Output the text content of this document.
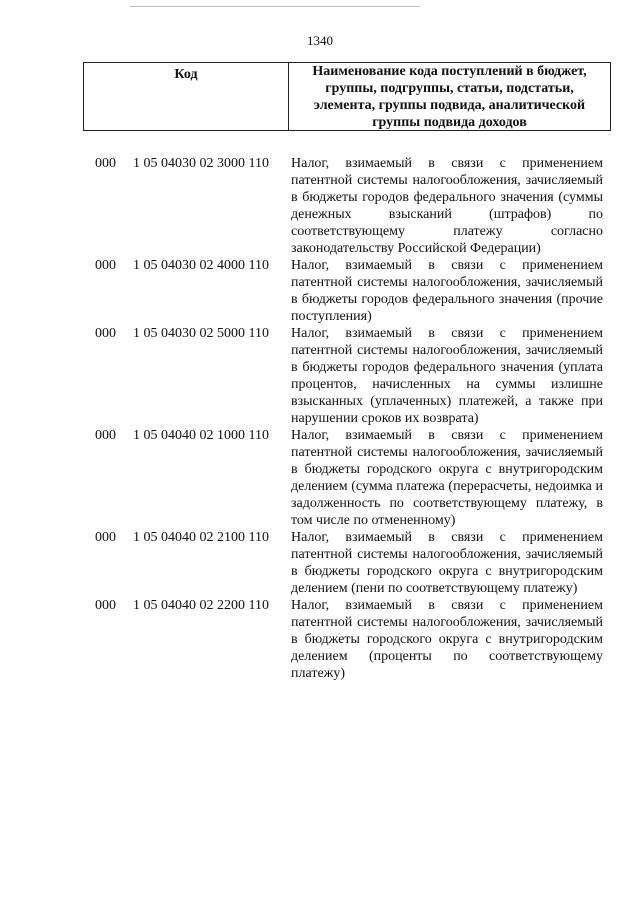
1340
Код	Наименование кода поступлений в бюджет, группы, подгруппы, статьи, подстатьи, элемента, группы подвида, аналитической группы подвида доходов
000 1 05 04030 02 3000 110 Налог, взимаемый в связи с применением патентной системы налогообложения, зачисляемый в бюджеты городов федерального значения (суммы денежных взысканий (штрафов) по соответствующему платежу согласно законодательству Российской Федерации)
000 1 05 04030 02 4000 110 Налог, взимаемый в связи с применением патентной системы налогообложения, зачисляемый в бюджеты городов федерального значения (прочие поступления)
000 1 05 04030 02 5000 110 Налог, взимаемый в связи с применением патентной системы налогообложения, зачисляемый в бюджеты городов федерального значения (уплата процентов, начисленных на суммы излишне взысканных (уплаченных) платежей, а также при нарушении сроков их возврата)
000 1 05 04040 02 1000 110 Налог, взимаемый в связи с применением патентной системы налогообложения, зачисляемый в бюджеты городского округа с внутригородским делением (сумма платежа (перерасчеты, недоимка и задолженность по соответствующему платежу, в том числе по отмененному)
000 1 05 04040 02 2100 110 Налог, взимаемый в связи с применением патентной системы налогообложения, зачисляемый в бюджеты городского округа с внутригородским делением (пени по соответствующему платежу)
000 1 05 04040 02 2200 110 Налог, взимаемый в связи с применением патентной системы налогообложения, зачисляемый в бюджеты городского округа с внутригородским делением (проценты по соответствующему платежу)
